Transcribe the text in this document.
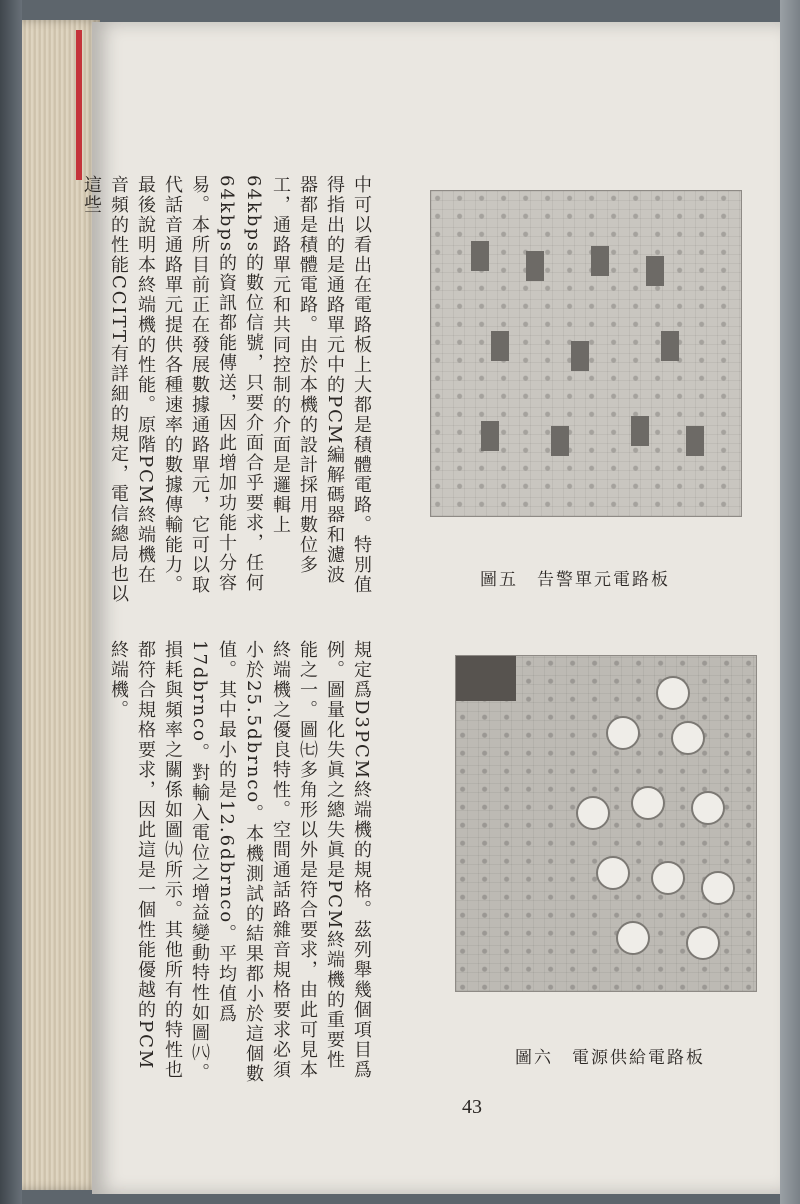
中可以看出在電路板上大都是積體電路。特別值得指出的是通路單元中的PCM編解碼器和濾波器都是積體電路。由於本機的設計採用數位多工，通路單元和共同控制的介面是邏輯上64kbps的數位信號，只要介面合乎要求，任何64kbps的資訊都能傳送，因此增加功能十分容易。本所目前正在發展數據通路單元，它可以取代話音通路單元提供各種速率的數據傳輸能力。

最後說明本終端機的性能。原階PCM終端機在音頻的性能CCITT有詳細的規定，電信總局也以這些

規定爲D3PCM終端機的規格。茲列舉幾個項目爲例。圖量化失眞之總失眞是PCM終端機的重要性能之一。圖㈦多角形以外是符合要求，由此可見本終端機之優良特性。空間通話路雜音規格要求必須小於25.5dbrnco。本機測試的結果都小於這個數值。其中最小的是12.6dbrnco。平均值爲17dbrnco。對輸入電位之增益變動特性如圖㈧。損耗與頻率之關係如圖㈨所示。其他所有的特性也都符合規格要求，因此這是一個性能優越的PCM終端機。

圖五　告警單元電路板
圖六　電源供給電路板
43
